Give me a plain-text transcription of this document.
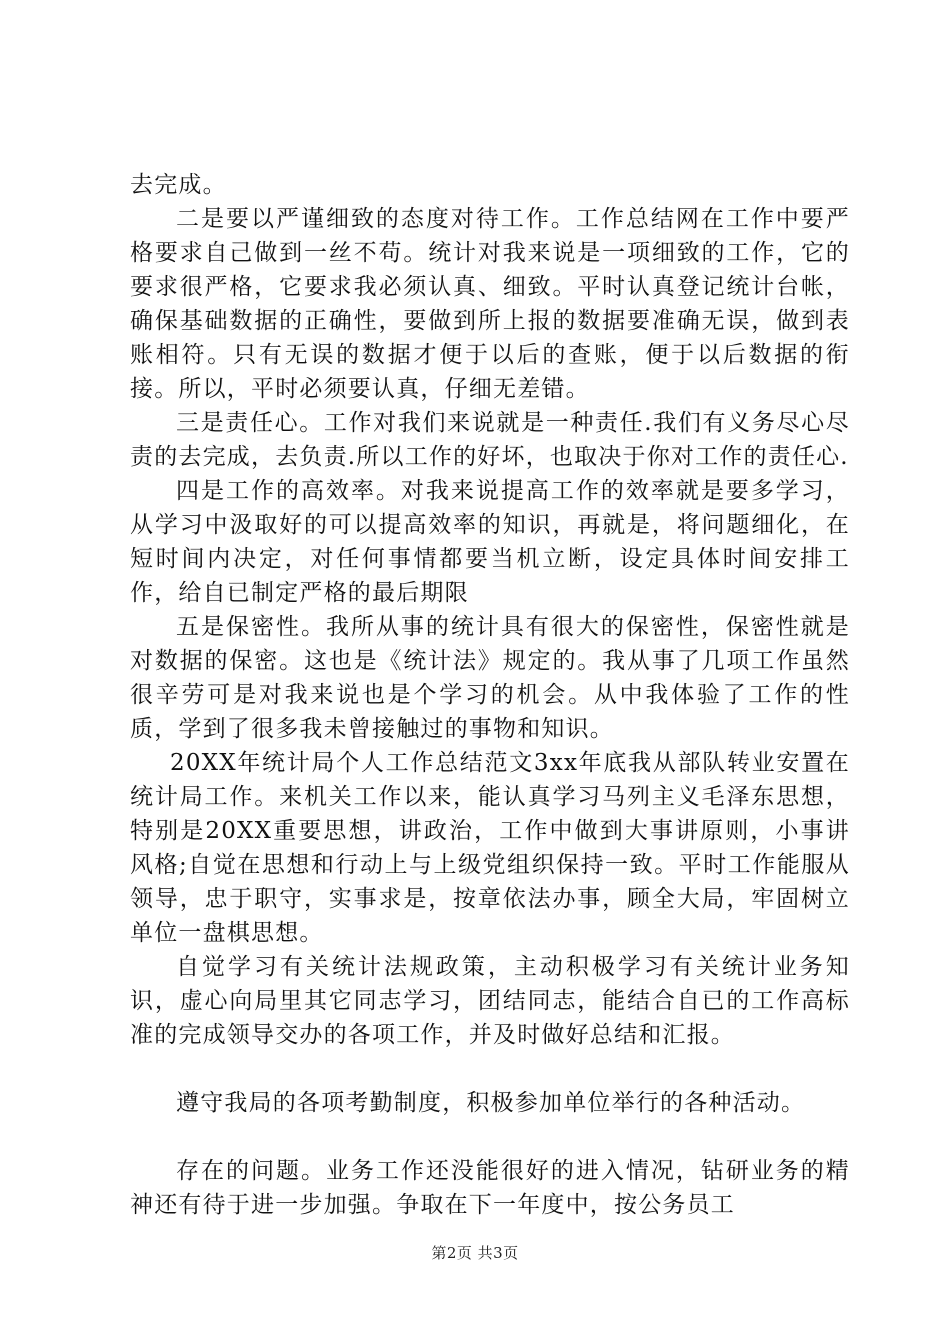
去完成。

二是要以严谨细致的态度对待工作。工作总结网在工作中要严格要求自己做到一丝不苟。统计对我来说是一项细致的工作，它的要求很严格，它要求我必须认真、细致。平时认真登记统计台帐，确保基础数据的正确性，要做到所上报的数据要准确无误，做到表账相符。只有无误的数据才便于以后的查账，便于以后数据的衔接。所以，平时必须要认真，仔细无差错。

三是责任心。工作对我们来说就是一种责任.我们有义务尽心尽责的去完成，去负责.所以工作的好坏，也取决于你对工作的责任心.

四是工作的高效率。对我来说提高工作的效率就是要多学习，从学习中汲取好的可以提高效率的知识，再就是，将问题细化，在短时间内决定，对任何事情都要当机立断，设定具体时间安排工作，给自已制定严格的最后期限

五是保密性。我所从事的统计具有很大的保密性，保密性就是对数据的保密。这也是《统计法》规定的。我从事了几项工作虽然很辛劳可是对我来说也是个学习的机会。从中我体验了工作的性质，学到了很多我未曾接触过的事物和知识。

20XX年统计局个人工作总结范文3xx年底我从部队转业安置在统计局工作。来机关工作以来，能认真学习马列主义毛泽东思想，特别是20XX重要思想，讲政治，工作中做到大事讲原则，小事讲风格;自觉在思想和行动上与上级党组织保持一致。平时工作能服从领导，忠于职守，实事求是，按章依法办事，顾全大局，牢固树立单位一盘棋思想。

自觉学习有关统计法规政策，主动积极学习有关统计业务知识，虚心向局里其它同志学习，团结同志，能结合自已的工作高标准的完成领导交办的各项工作，并及时做好总结和汇报。

遵守我局的各项考勤制度，积极参加单位举行的各种活动。

存在的问题。业务工作还没能很好的进入情况，钻研业务的精神还有待于进一步加强。争取在下一年度中，按公务员工

第2页 共3页
